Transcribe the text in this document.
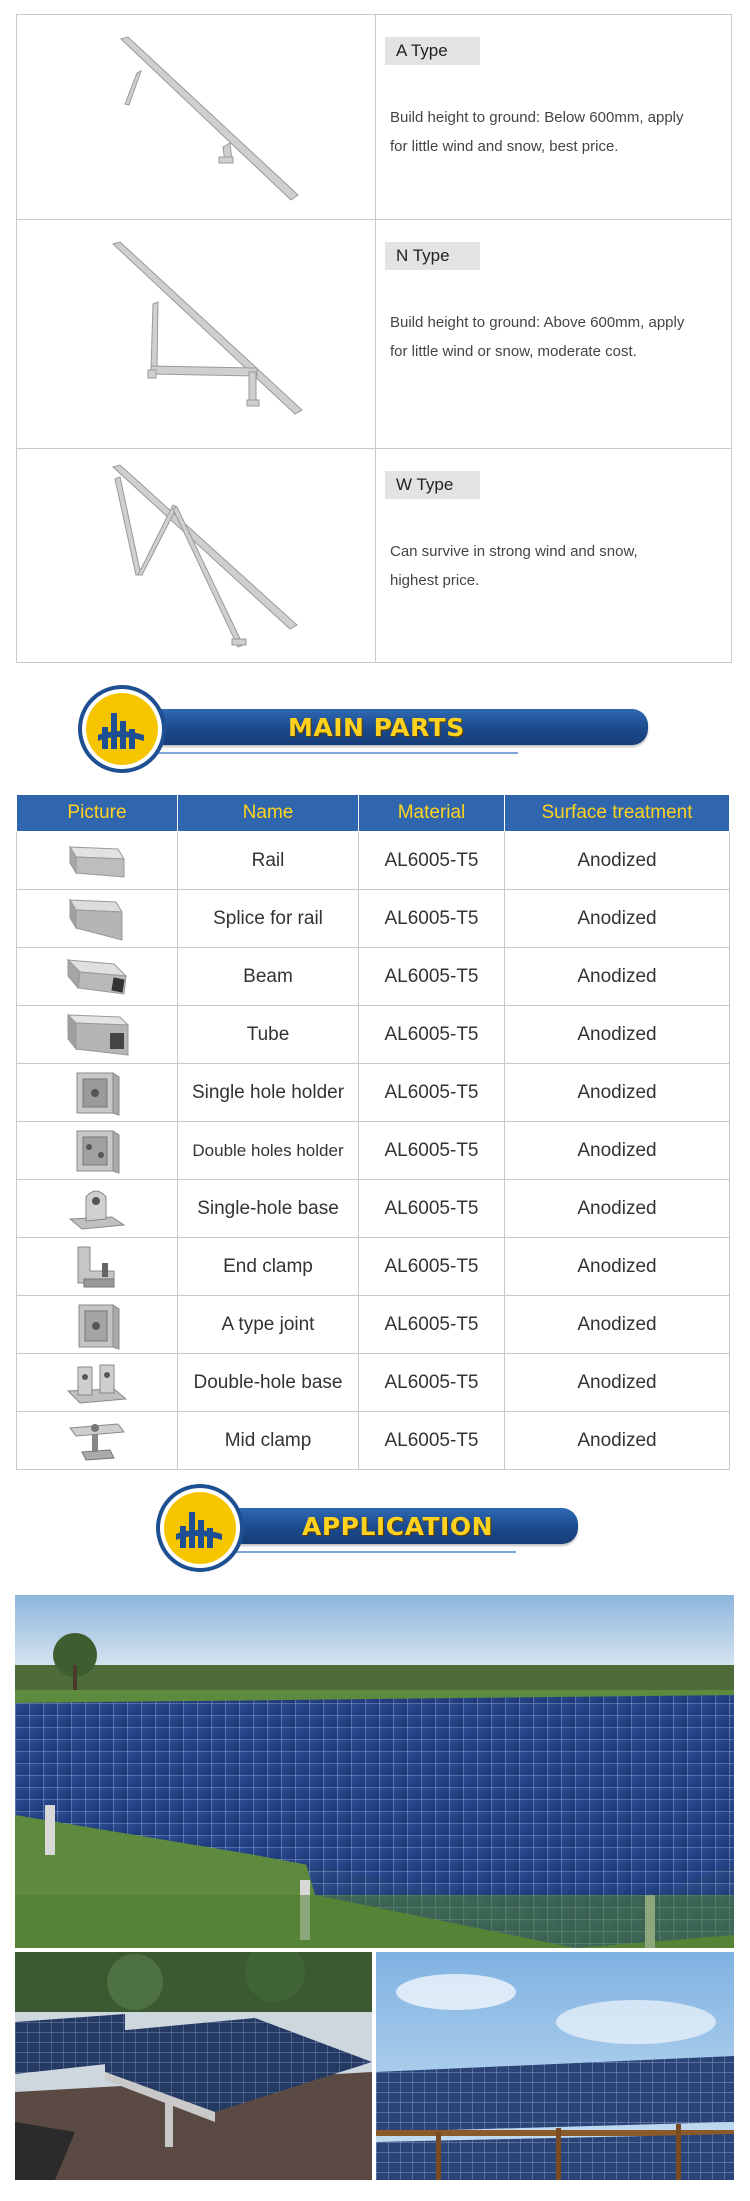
A Type
Build height to ground: Below 600mm, apply
for little wind and snow, best price.

N Type
Build height to ground: Above 600mm, apply
for little wind or snow, moderate cost.

W Type
Can survive in strong wind and snow,
highest price.
MAIN PARTS
Picture	Name	Material	Surface treatment

	Rail	AL6005-T5	Anodized

	Splice for rail	AL6005-T5	Anodized

	Beam	AL6005-T5	Anodized

	Tube	AL6005-T5	Anodized

	Single hole holder	AL6005-T5	Anodized

	Double holes holder	AL6005-T5	Anodized

	Single-hole base	AL6005-T5	Anodized

	End clamp	AL6005-T5	Anodized

	A type joint	AL6005-T5	Anodized

	Double-hole base	AL6005-T5	Anodized

	Mid clamp	AL6005-T5	Anodized
APPLICATION
